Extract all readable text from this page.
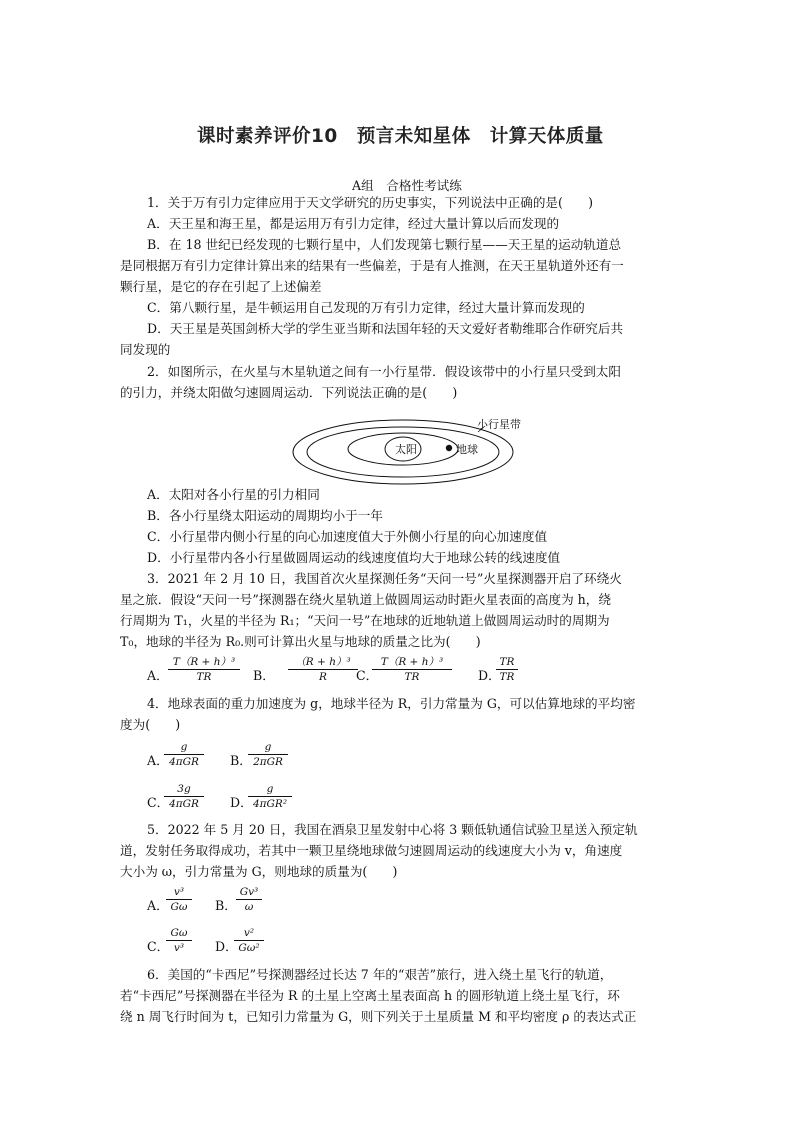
课时素养评价10　预言未知星体　计算天体质量
A组　合格性考试练
1．关于万有引力定律应用于天文学研究的历史事实，下列说法中正确的是(　　)
A．天王星和海王星，都是运用万有引力定律，经过大量计算以后而发现的
B．在 18 世纪已经发现的七颗行星中，人们发现第七颗行星——天王星的运动轨道总
是同根据万有引力定律计算出来的结果有一些偏差，于是有人推测，在天王星轨道外还有一
颗行星，是它的存在引起了上述偏差
C．第八颗行星，是牛顿运用自己发现的万有引力定律，经过大量计算而发现的
D．天王星是英国剑桥大学的学生亚当斯和法国年轻的天文爱好者勒维耶合作研究后共
同发现的
2．如图所示，在火星与木星轨道之间有一小行星带．假设该带中的小行星只受到太阳
的引力，并绕太阳做匀速圆周运动．下列说法正确的是(　　)
小行星带
太阳	地球
A．太阳对各小行星的引力相同
B．各小行星绕太阳运动的周期均小于一年
C．小行星带内侧小行星的向心加速度值大于外侧小行星的向心加速度值
D．小行星带内各小行星做圆周运动的线速度值均大于地球公转的线速度值
3．2021 年 2 月 10 日，我国首次火星探测任务“天问一号”火星探测器开启了环绕火
星之旅．假设“天问一号”探测器在绕火星轨道上做圆周运动时距火星表面的高度为 h，绕
行周期为 T₁，火星的半径为 R₁；“天问一号”在地球的近地轨道上做圆周运动时的周期为
T₀，地球的半径为 R₀.则可计算出火星与地球的质量之比为(　　)
A．
T（R + h）³
TR	B．
（R + h）³
R C．
T（R + h）³
TR	D．
TR
TR
4．地球表面的重力加速度为 g，地球半径为 R，引力常量为 G，可以估算地球的平均密
度为(　　)
A．
g
4πGR B．
g
2πGR
C．
3g
4πGR D．
g
4πGR²
5．2022 年 5 月 20 日，我国在酒泉卫星发射中心将 3 颗低轨通信试验卫星送入预定轨
道，发射任务取得成功，若其中一颗卫星绕地球做匀速圆周运动的线速度大小为 v，角速度
大小为 ω，引力常量为 G，则地球的质量为(　　)
A．
v³
Gω B．
Gv³
ω
C．
Gω
v³ D．
v²
Gω²
6．美国的“卡西尼”号探测器经过长达 7 年的“艰苦”旅行，进入绕土星飞行的轨道，
若“卡西尼”号探测器在半径为 R 的土星上空离土星表面高 h 的圆形轨道上绕土星飞行，环
绕 n 周飞行时间为 t，已知引力常量为 G，则下列关于土星质量 M 和平均密度 ρ 的表达式正
